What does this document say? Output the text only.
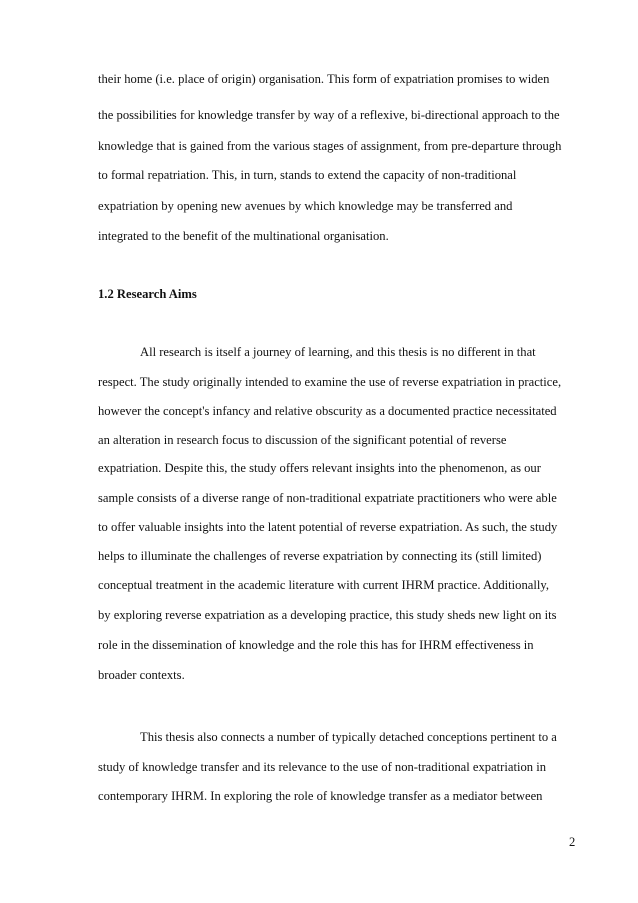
their home (i.e. place of origin) organisation. This form of expatriation promises to widen
the possibilities for knowledge transfer by way of a reflexive, bi-directional approach to the
knowledge that is gained from the various stages of assignment, from pre-departure through
to formal repatriation. This, in turn, stands to extend the capacity of non-traditional
expatriation by opening new avenues by which knowledge may be transferred and
integrated to the benefit of the multinational organisation.
1.2 Research Aims
All research is itself a journey of learning, and this thesis is no different in that
respect. The study originally intended to examine the use of reverse expatriation in practice,
however the concept's infancy and relative obscurity as a documented practice necessitated
an alteration in research focus to discussion of the significant potential of reverse
expatriation. Despite this, the study offers relevant insights into the phenomenon, as our
sample consists of a diverse range of non-traditional expatriate practitioners who were able
to offer valuable insights into the latent potential of reverse expatriation. As such, the study
helps to illuminate the challenges of reverse expatriation by connecting its (still limited)
conceptual treatment in the academic literature with current IHRM practice. Additionally,
by exploring reverse expatriation as a developing practice, this study sheds new light on its
role in the dissemination of knowledge and the role this has for IHRM effectiveness in
broader contexts.
This thesis also connects a number of typically detached conceptions pertinent to a
study of knowledge transfer and its relevance to the use of non-traditional expatriation in
contemporary IHRM. In exploring the role of knowledge transfer as a mediator between
2
